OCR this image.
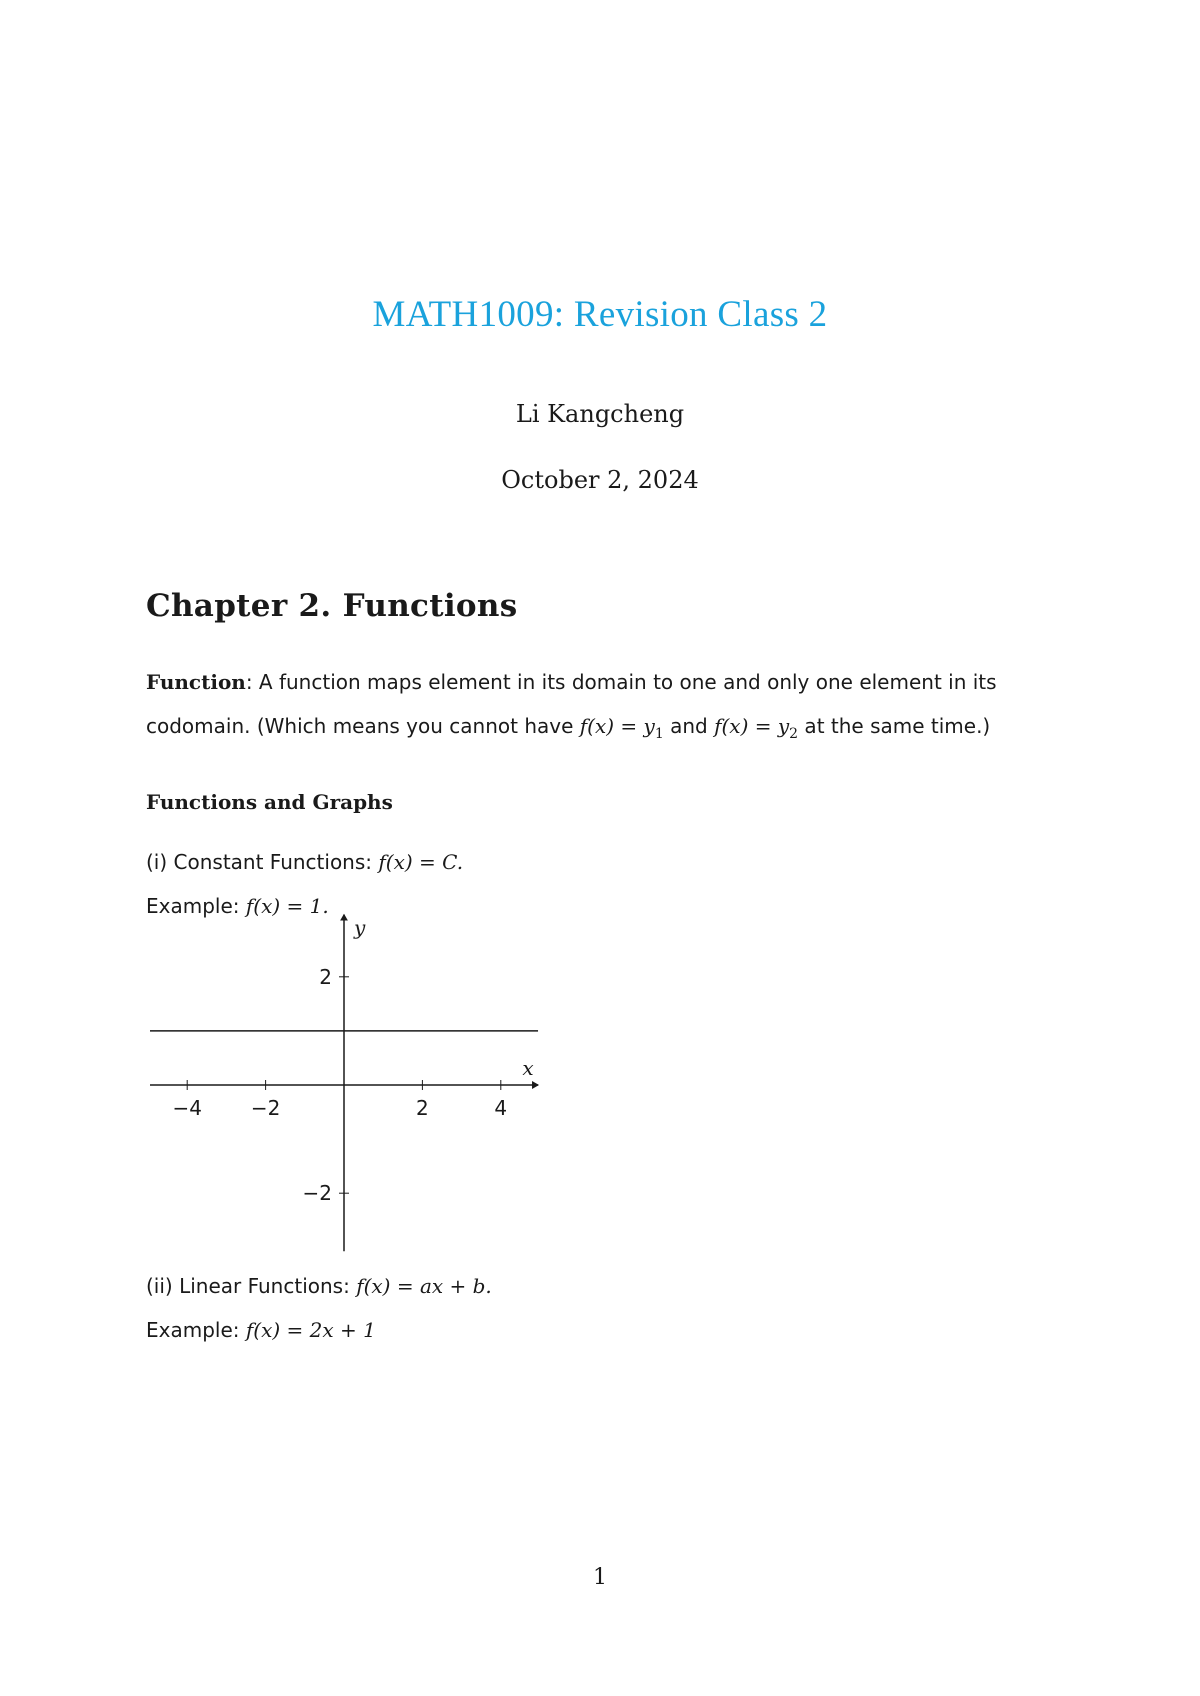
MATH1009: Revision Class 2
Li Kangcheng
October 2, 2024
Chapter 2. Functions
Function: A function maps element in its domain to one and only one element in its
codomain. (Which means you cannot have $f(x) = y_1$ and $f(x) = y_2$ at the same time.)
Functions and Graphs
(i) Constant Functions: f(x) = C.
Example: f(x) = 1.
−4 −2	2	4
2
−2
x
y
(ii) Linear Functions: f(x) = ax + b.
Example: f(x) = 2x + 1
1
